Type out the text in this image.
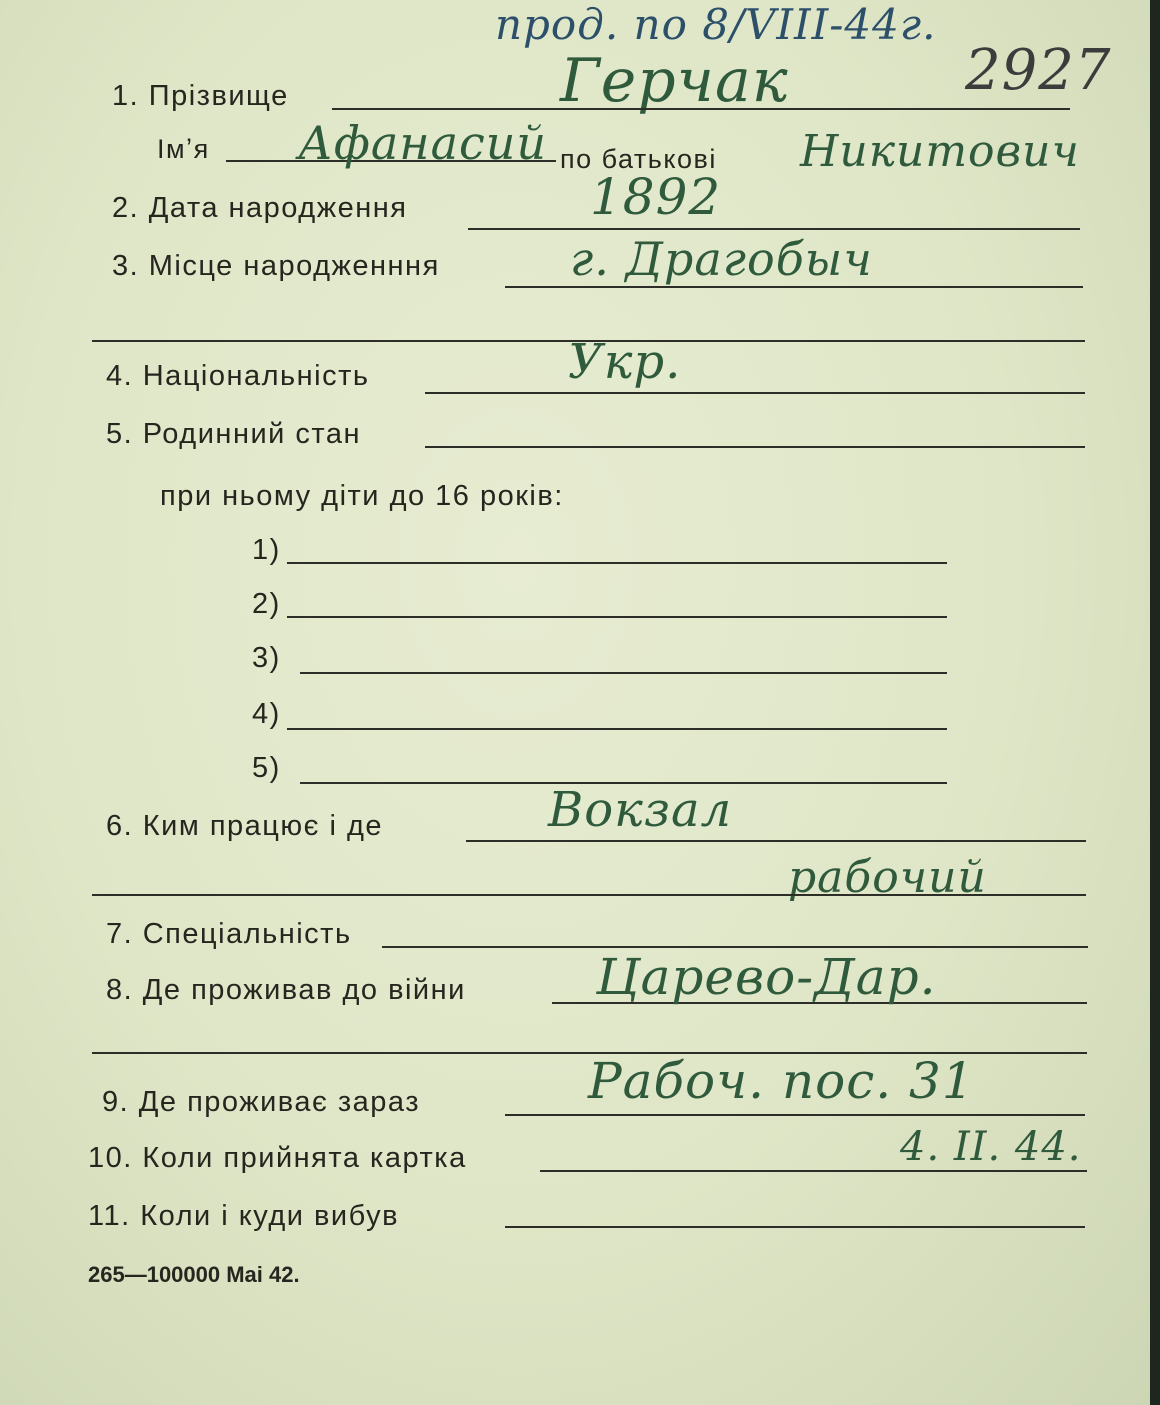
прод. по 8/VIII-44г.
2927
1. Прізвище	Герчак
Імʼя Афанасий по батькові Никитович
2. Дата народження	1892
3. Місце народженння	г. Драгобыч
4. Національність	Укр.
5. Родинний стан
при ньому діти до 16 років:
1)
2)
3)
4)
5)
6. Ким працює і де	Вокзал
рабочий
7. Спеціальність
8. Де проживав до війни	Царево-Дар.
9. Де проживає зараз	Рабоч. пос. 31
10. Коли прийнята картка	4. II. 44.
11. Коли і куди вибув
265—100000 Mai 42.
